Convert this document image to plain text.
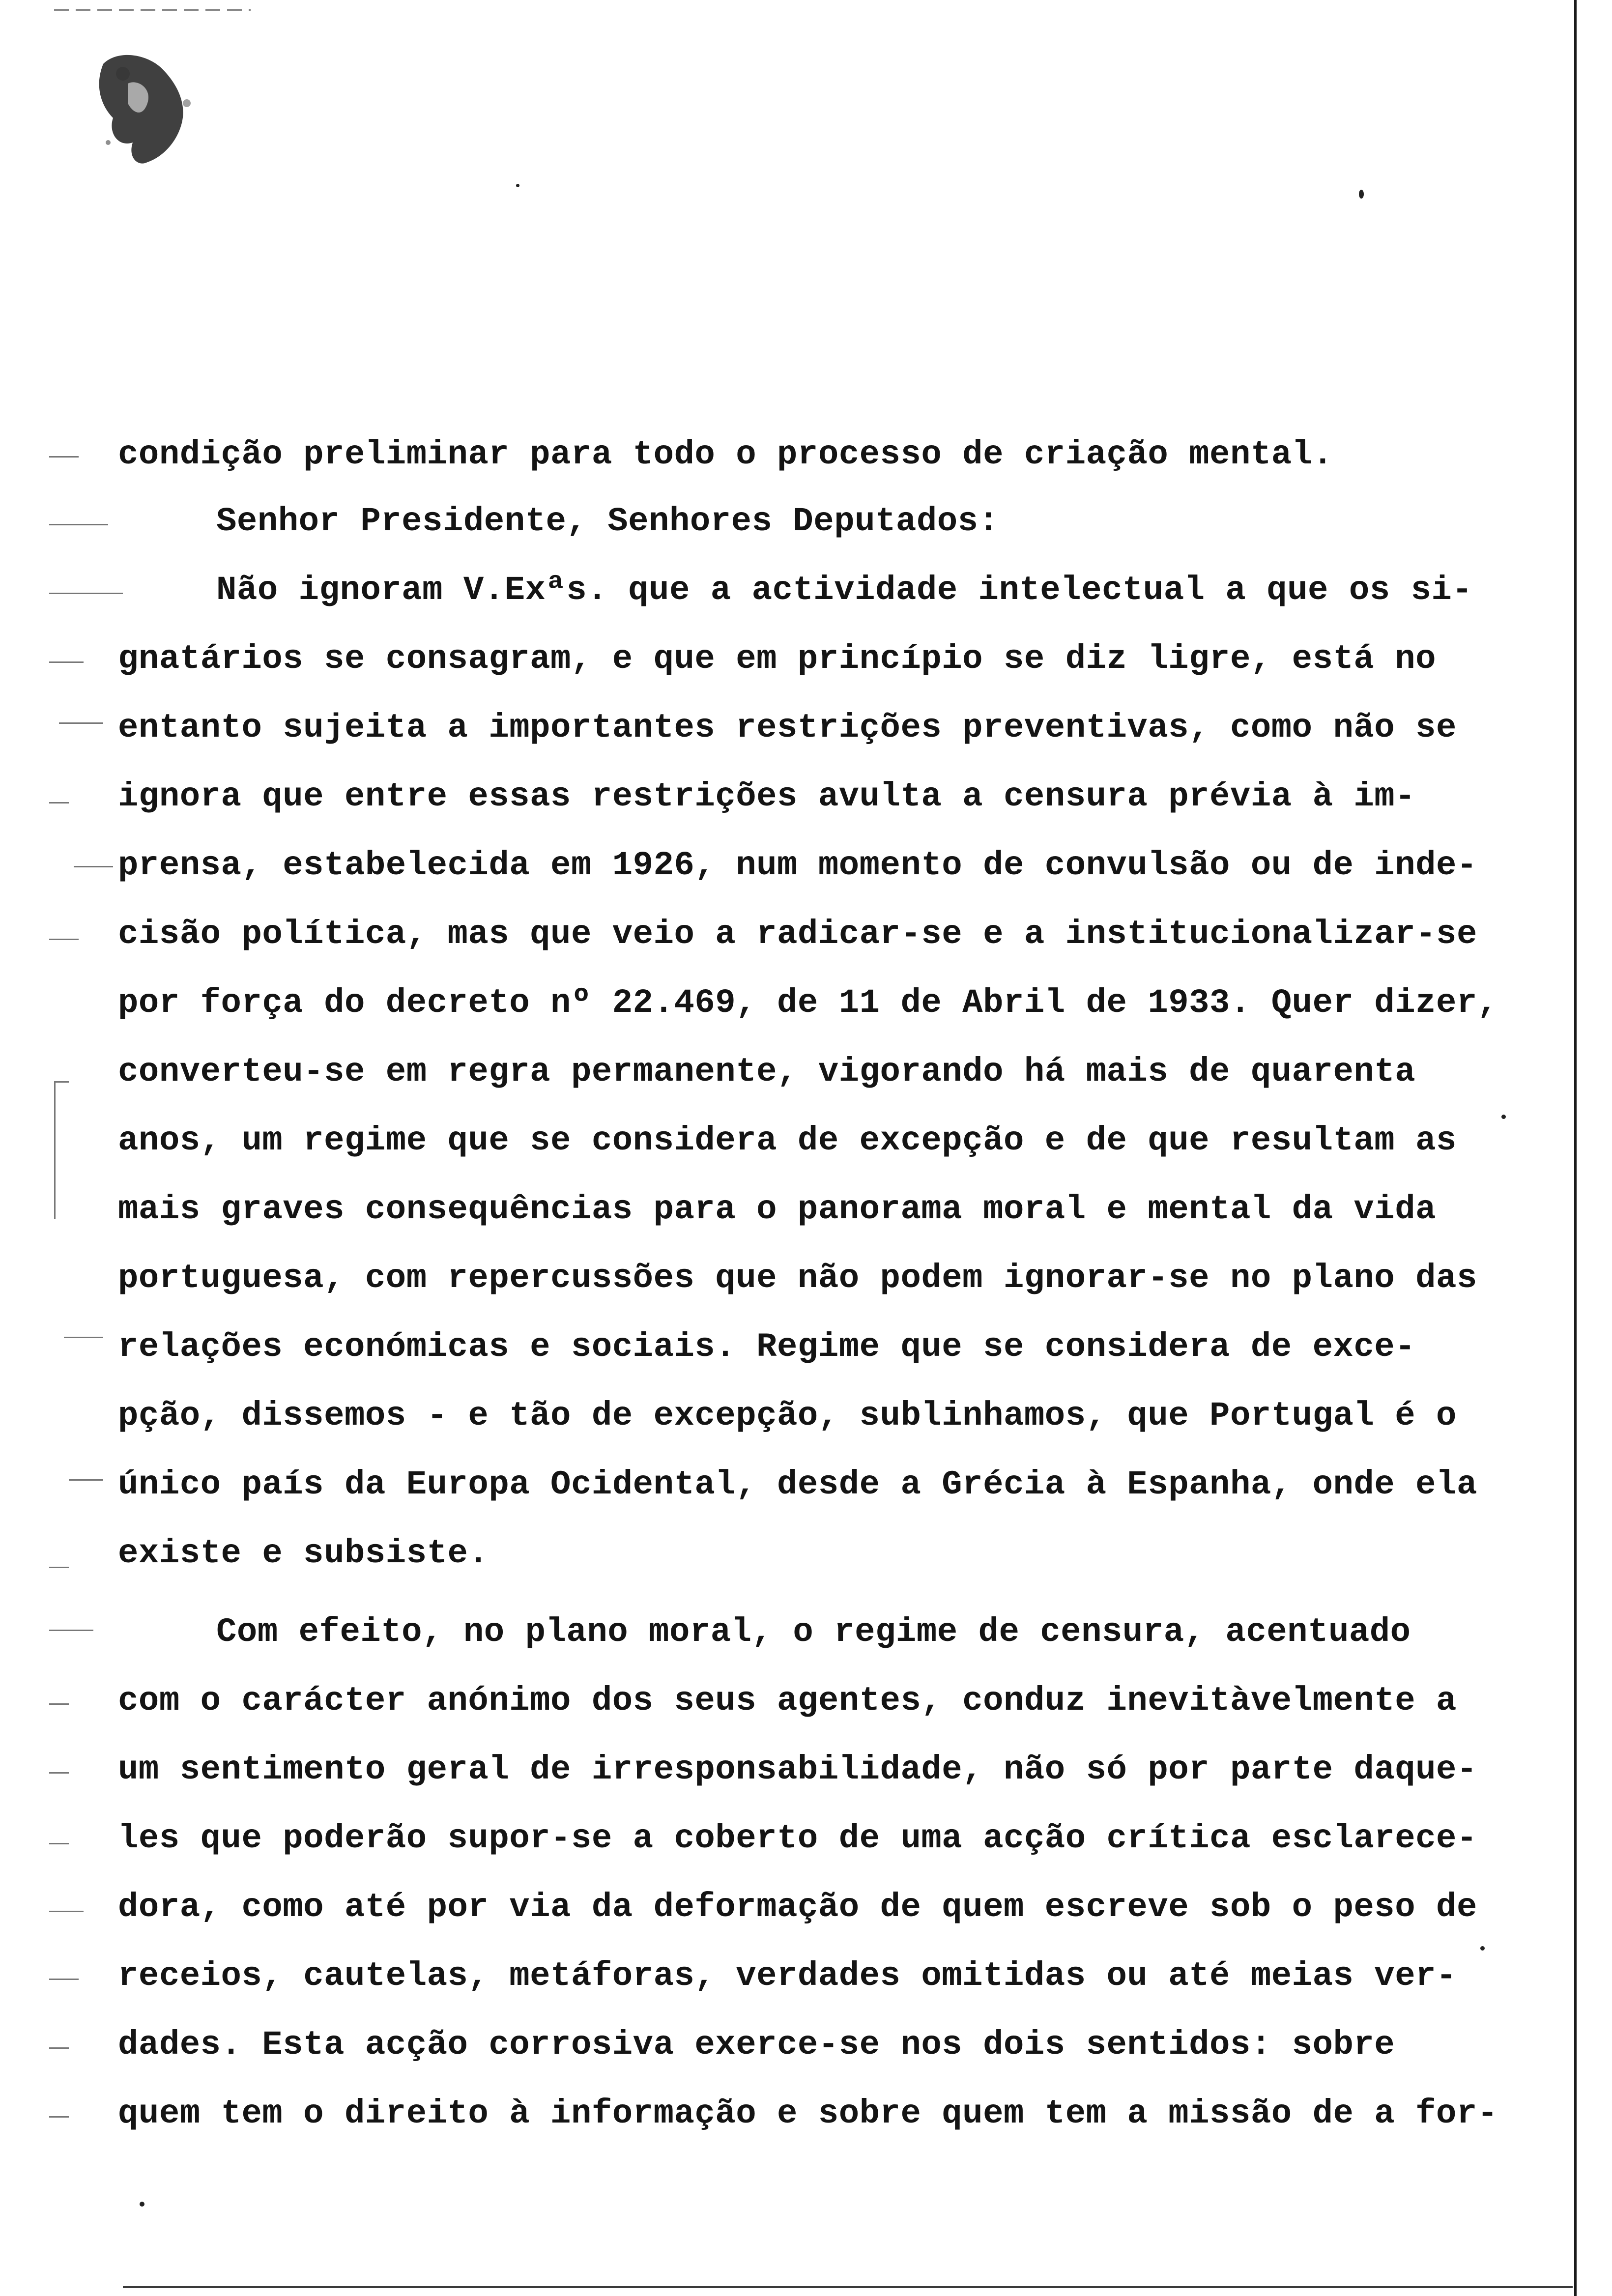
condição preliminar para todo o processo de criação mental.
Senhor Presidente, Senhores Deputados:
Não ignoram V.Exªs. que a actividade intelectual a que os si-
gnatários se consagram, e que em princípio se diz ligre, está no
entanto sujeita a importantes restrições preventivas, como não se
ignora que entre essas restrições avulta a censura prévia à im-
prensa, estabelecida em 1926, num momento de convulsão ou de inde-
cisão política, mas que veio a radicar-se e a institucionalizar-se
por força do decreto nº 22.469, de 11 de Abril de 1933. Quer dizer,
converteu-se em regra permanente, vigorando há mais de quarenta
anos, um regime que se considera de excepção e de que resultam as
mais graves consequências para o panorama moral e mental da vida
portuguesa, com repercussões que não podem ignorar-se no plano das
relações económicas e sociais. Regime que se considera de exce-
pção, dissemos - e tão de excepção, sublinhamos, que Portugal é o
único país da Europa Ocidental, desde a Grécia à Espanha, onde ela
existe e subsiste.
Com efeito, no plano moral, o regime de censura, acentuado
com o carácter anónimo dos seus agentes, conduz inevitàvelmente a
um sentimento geral de irresponsabilidade, não só por parte daque-
les que poderão supor-se a coberto de uma acção crítica esclarece-
dora, como até por via da deformação de quem escreve sob o peso de
receios, cautelas, metáforas, verdades omitidas ou até meias ver-
dades. Esta acção corrosiva exerce-se nos dois sentidos: sobre
quem tem o direito à informação e sobre quem tem a missão de a for-
